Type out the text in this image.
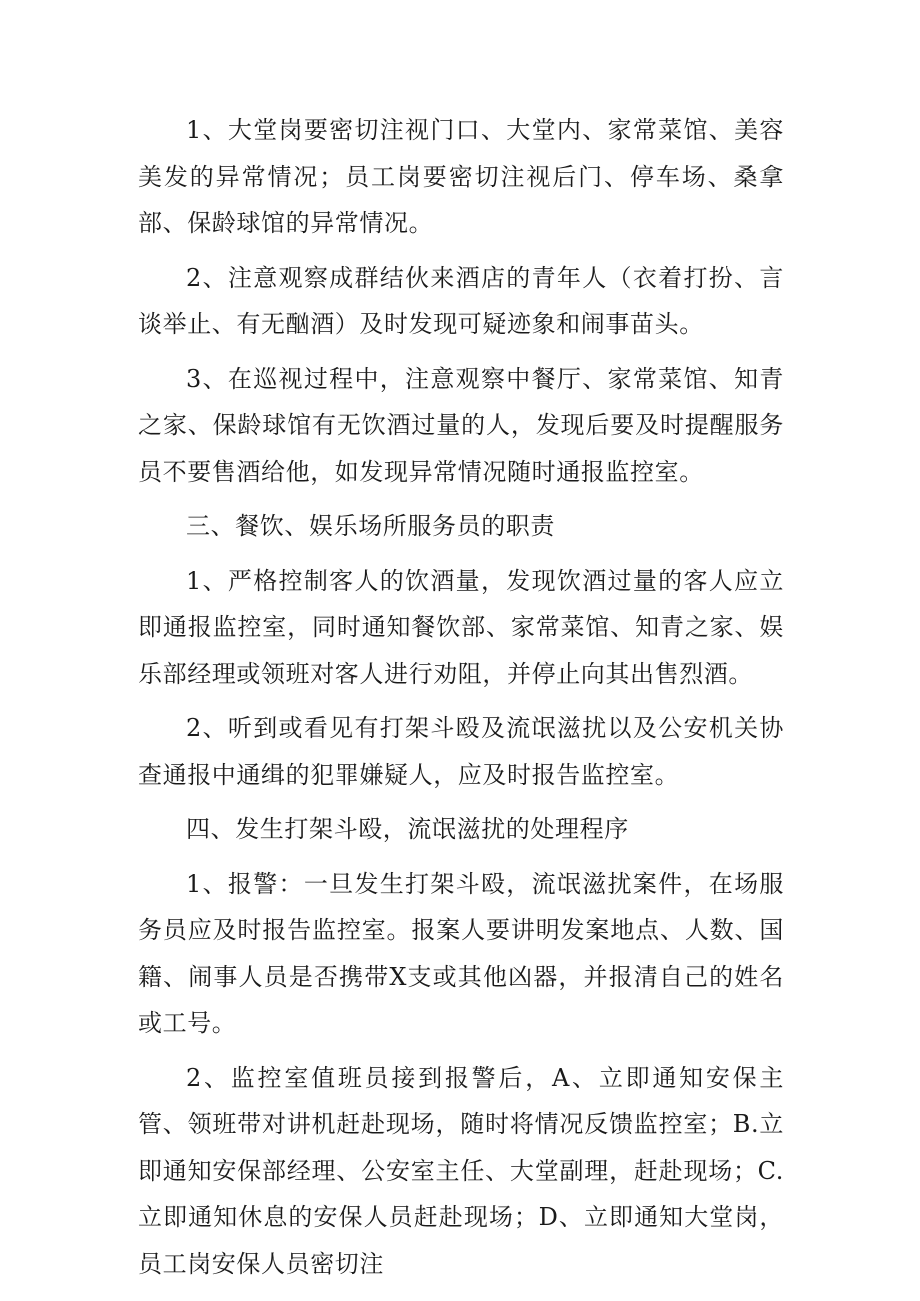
1、大堂岗要密切注视门口、大堂内、家常菜馆、美容美发的异常情况；员工岗要密切注视后门、停车场、桑拿部、保龄球馆的异常情况。

2、注意观察成群结伙来酒店的青年人（衣着打扮、言谈举止、有无酗酒）及时发现可疑迹象和闹事苗头。

3、在巡视过程中，注意观察中餐厅、家常菜馆、知青之家、保龄球馆有无饮酒过量的人，发现后要及时提醒服务员不要售酒给他，如发现异常情况随时通报监控室。

三、餐饮、娱乐场所服务员的职责

1、严格控制客人的饮酒量，发现饮酒过量的客人应立即通报监控室，同时通知餐饮部、家常菜馆、知青之家、娱乐部经理或领班对客人进行劝阻，并停止向其出售烈酒。

2、听到或看见有打架斗殴及流氓滋扰以及公安机关协查通报中通缉的犯罪嫌疑人，应及时报告监控室。

四、发生打架斗殴，流氓滋扰的处理程序

1、报警：一旦发生打架斗殴，流氓滋扰案件，在场服务员应及时报告监控室。报案人要讲明发案地点、人数、国籍、闹事人员是否携带X支或其他凶器，并报清自己的姓名或工号。

2、监控室值班员接到报警后，A、立即通知安保主管、领班带对讲机赶赴现场，随时将情况反馈监控室；B.立即通知安保部经理、公安室主任、大堂副理，赶赴现场；C.立即通知休息的安保人员赶赴现场；D、立即通知大堂岗，员工岗安保人员密切注
